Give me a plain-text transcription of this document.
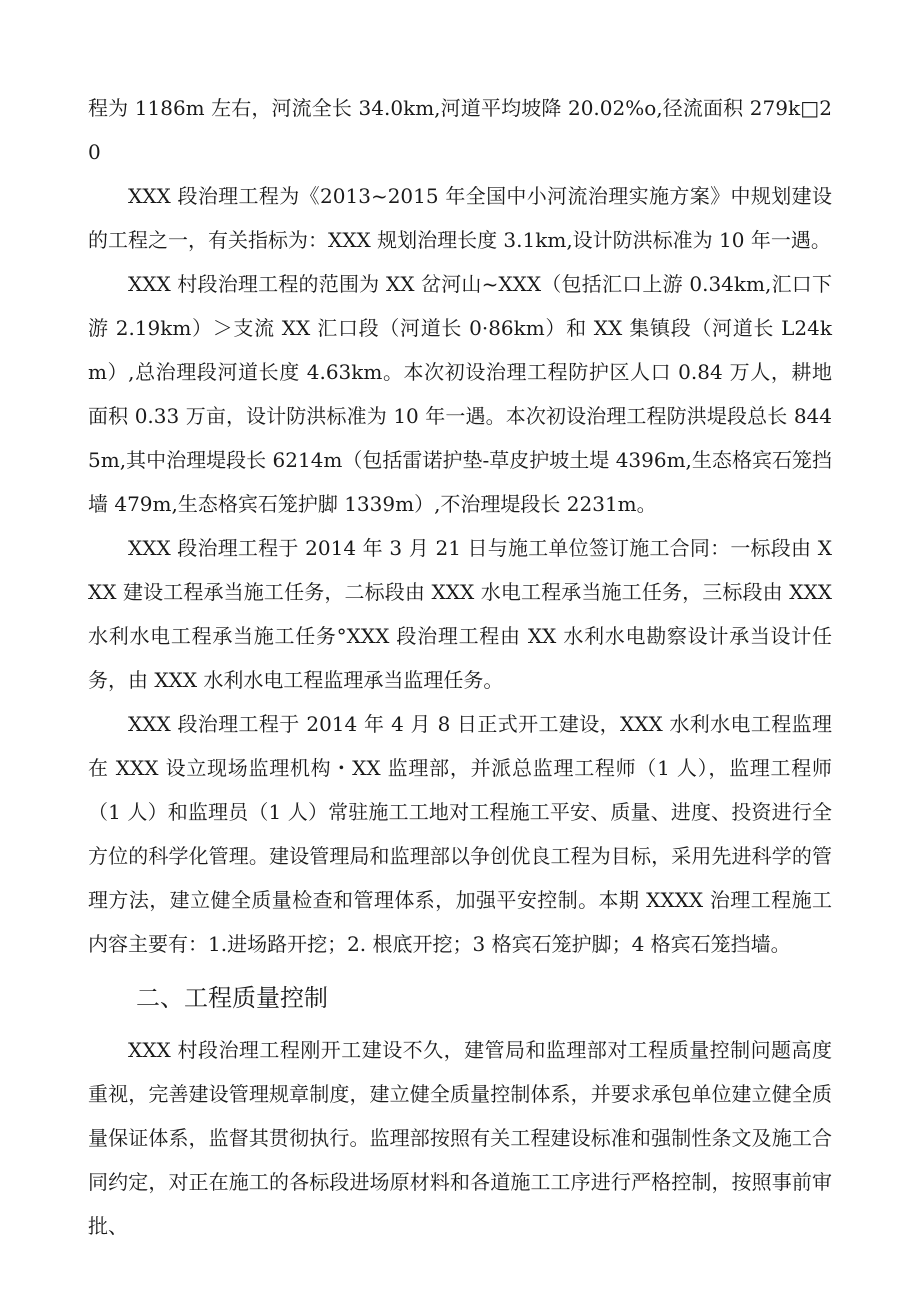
程为 1186m 左右，河流全长 34.0km,河道平均坡降 20.02%o,径流面积 279k□20

XXX 段治理工程为《2013~2015 年全国中小河流治理实施方案》中规划建设的工程之一，有关指标为：XXX 规划治理长度 3.1km,设计防洪标准为 10 年一遇。

XXX 村段治理工程的范围为 XX 岔河山~XXX（包括汇口上游 0.34km,汇口下游 2.19km）＞支流 XX 汇口段（河道长 0·86km）和 XX 集镇段（河道长 L24km）,总治理段河道长度 4.63km。本次初设治理工程防护区人口 0.84 万人，耕地面积 0.33 万亩，设计防洪标准为 10 年一遇。本次初设治理工程防洪堤段总长 8445m,其中治理堤段长 6214m（包括雷诺护垫-草皮护坡土堤 4396m,生态格宾石笼挡墙 479m,生态格宾石笼护脚 1339m）,不治理堤段长 2231m。

XXX 段治理工程于 2014 年 3 月 21 日与施工单位签订施工合同：一标段由 XXX 建设工程承当施工任务，二标段由 XXX 水电工程承当施工任务，三标段由 XXX 水利水电工程承当施工任务°XXX 段治理工程由 XX 水利水电勘察设计承当设计任务，由 XXX 水利水电工程监理承当监理任务。

XXX 段治理工程于 2014 年 4 月 8 日正式开工建设，XXX 水利水电工程监理在 XXX 设立现场监理机构・XX 监理部，并派总监理工程师（1 人），监理工程师（1 人）和监理员（1 人）常驻施工工地对工程施工平安、质量、进度、投资进行全方位的科学化管理。建设管理局和监理部以争创优良工程为目标，采用先进科学的管理方法，建立健全质量检查和管理体系，加强平安控制。本期 XXXX 治理工程施工内容主要有：1.进场路开挖；2. 根底开挖；3 格宾石笼护脚；4 格宾石笼挡墙。

二、工程质量控制

XXX 村段治理工程刚开工建设不久，建管局和监理部对工程质量控制问题高度重视，完善建设管理规章制度，建立健全质量控制体系，并要求承包单位建立健全质量保证体系，监督其贯彻执行。监理部按照有关工程建设标准和强制性条文及施工合同约定，对正在施工的各标段进场原材料和各道施工工序进行严格控制，按照事前审批、
